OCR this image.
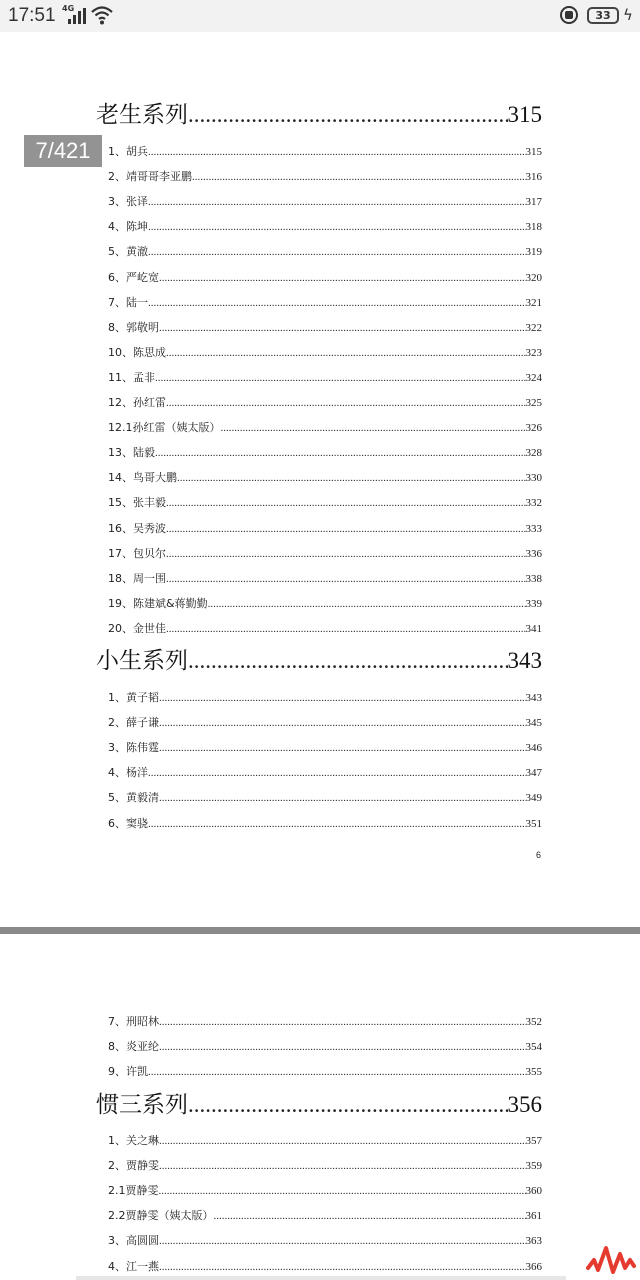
17:51 4G
33 ϟ
老生系列 .....	315
1、胡兵 .....	315
2、靖哥哥李亚鹏 .....	316
3、张译 .....	317
4、陈坤 .....	318
5、黄澈 .....	319
6、严屹宽 .....	320
7、陆一 .....	321
8、郭敬明 .....	322
10、陈思成 .....	323
11、孟非 .....	324
12、孙红雷 .....	325
12.1孙红雷（姨太版） .....	326
13、陆毅 .....	328
14、鸟哥大鹏 .....	330
15、张丰毅 .....	332
16、吴秀波 .....	333
17、包贝尔 .....	336
18、周一围 .....	338
19、陈建斌&蒋勤勤 .....	339
20、金世佳 .....	341
小生系列 .....	343
1、黄子韬 .....	343
2、薛子谦 .....	345
3、陈伟霆 .....	346
4、杨洋 .....	347
5、黄毅清 .....	349
6、窦骁 .....	351
6
7、刑昭林 .....	352
8、炎亚纶 .....	354
9、许凯 .....	355
惯三系列 .....	356
1、关之琳 .....	357
2、贾静雯 .....	359
2.1贾静雯 .....	360
2.2贾静雯（姨太版） .....	361
3、高圆圆 .....	363
4、江一燕 .....	366
7/421
